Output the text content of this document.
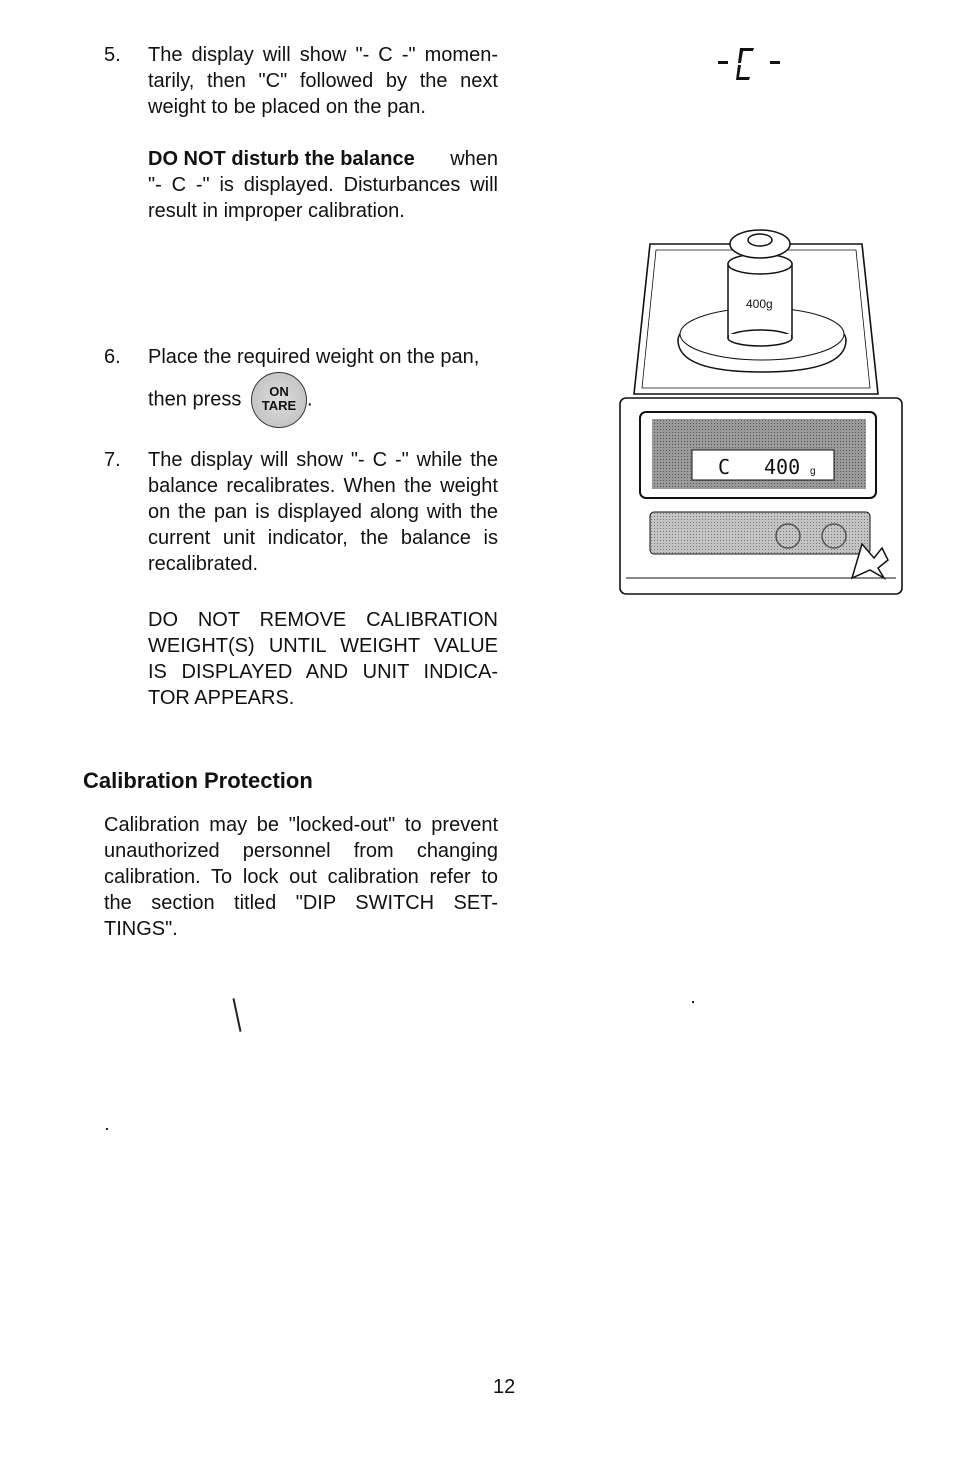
5. The display will show "- C -" momen-
tarily, then "C" followed by the next
weight to be placed on the pan.
DO NOT disturb the balance when
"- C -" is displayed. Disturbances will
result in improper calibration.
6. Place the required weight on the pan,
then press	ON
TARE .
7. The display will show "- C -" while the
balance recalibrates. When the weight
on the pan is displayed along with the
current unit indicator, the balance is
recalibrated.
DO NOT REMOVE CALIBRATION
WEIGHT(S) UNTIL WEIGHT VALUE
IS DISPLAYED AND UNIT INDICA-
TOR APPEARS.
Calibration Protection
Calibration may be "locked-out" to prevent
unauthorized personnel from changing
calibration. To lock out calibration refer to
the section titled "DIP SWITCH SET-
TINGS".
400g
C 400 g
12
